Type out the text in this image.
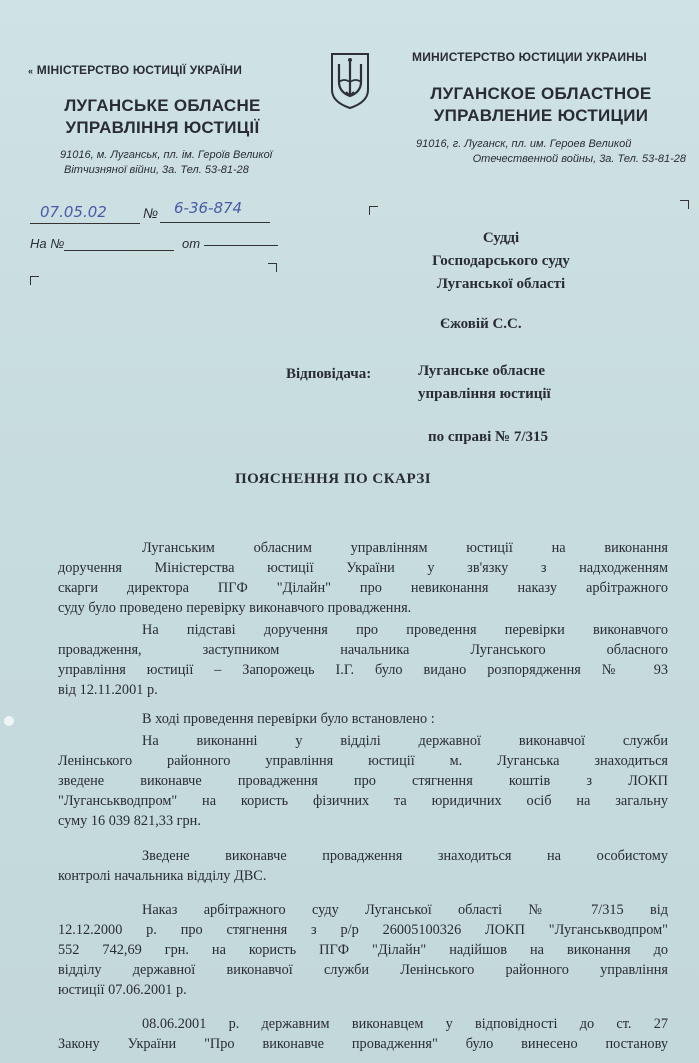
« МІНІСТЕРСТВО ЮСТИЦІЇ УКРАЇНИ
ЛУГАНСЬКЕ ОБЛАСНЕ
УПРАВЛІННЯ ЮСТИЦІЇ
91016, м. Луганськ, пл. ім. Героїв Великої
Вітчизняної війни, 3а. Тел. 53-81-28
МИНИСТЕРСТВО ЮСТИЦИИ УКРАИНЫ
ЛУГАНСКОЕ ОБЛАСТНОЕ
УПРАВЛЕНИЕ ЮСТИЦИИ
91016, г. Луганск, пл. им. Героев Великой
Отечественной войны, 3а. Тел. 53-81-28
07.05.02	№ 6-36-874
На №	от	Судді
Господарського суду
Луганської області
Єжовій С.С.
Відповідача:	Луганське обласне
управління юстиції
по справі № 7/315
ПОЯСНЕННЯ ПО СКАРЗІ
Луганським обласним управлінням юстиції на виконання
доручення Міністерства юстиції України у зв'язку з надходженням
скарги директора ПГФ "Ділайн" про невиконання наказу арбітражного
суду було проведено перевірку виконавчого провадження.
На підставі доручення про проведення перевірки виконавчого
провадження, заступником начальника Луганського обласного
управління юстиції – Запорожець І.Г. було видано розпорядження № 93
від 12.11.2001 р.
В ході проведення перевірки було встановлено :
На виконанні у відділі державної виконавчої служби
Ленінського районного управління юстиції м. Луганська знаходиться
зведене виконавче провадження про стягнення коштів з ЛОКП
"Луганськводпром" на користь фізичних та юридичних осіб на загальну
суму 16 039 821,33 грн.
Зведене виконавче провадження знаходиться на особистому
контролі начальника відділу ДВС.
Наказ арбітражного суду Луганської області № 7/315 від
12.12.2000 р. про стягнення з р/р 26005100326 ЛОКП "Луганськводпром"
552 742,69 грн. на користь ПГФ "Ділайн" надійшов на виконання до
відділу державної виконавчої служби Ленінського районного управління
юстиції 07.06.2001 р.
08.06.2001 р. державним виконавцем у відповідності до ст. 27
Закону України "Про виконавче провадження" було винесено постанову
